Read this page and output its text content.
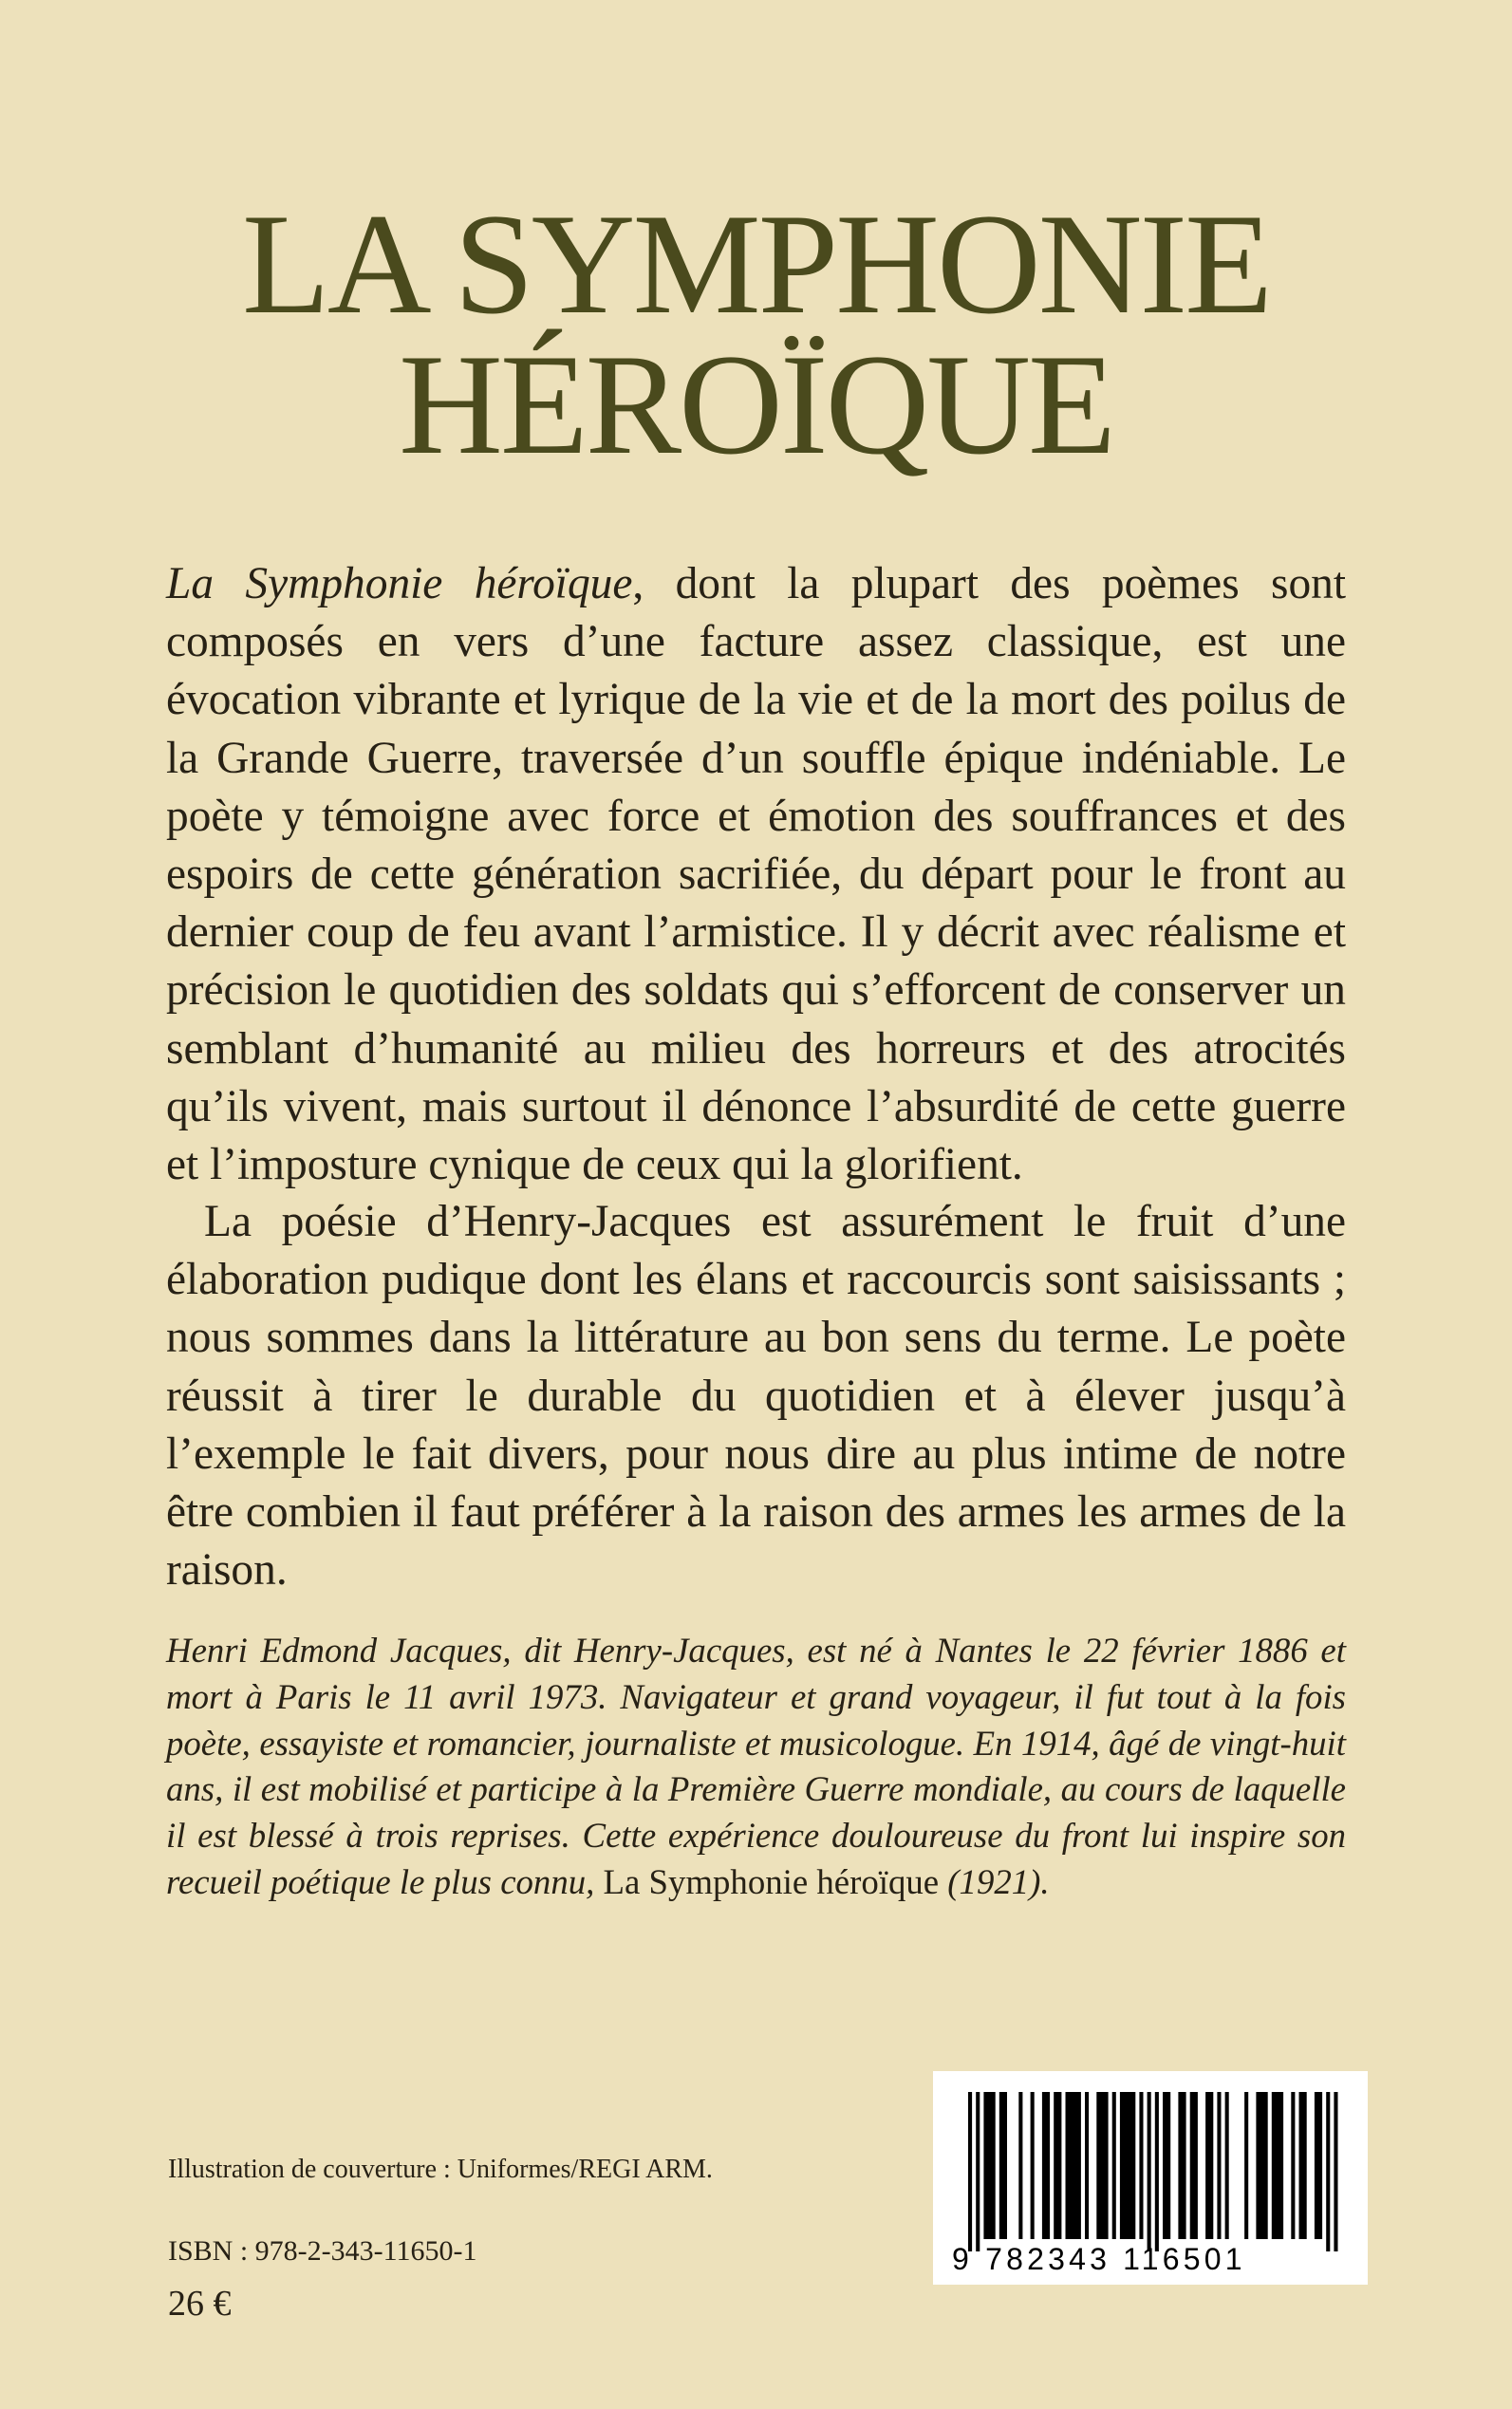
LA SYMPHONIE
HÉROÏQUE

La Symphonie héroïque, dont la plupart des poèmes sont composés en vers d’une facture assez classique, est une évocation vibrante et lyrique de la vie et de la mort des poilus de la Grande Guerre, traversée d’un souffle épique indéniable. Le poète y témoigne avec force et émotion des souffrances et des espoirs de cette génération sacrifiée, du départ pour le front au dernier coup de feu avant l’armistice. Il y décrit avec réalisme et précision le quotidien des soldats qui s’efforcent de conserver un semblant d’humanité au milieu des horreurs et des atrocités qu’ils vivent, mais surtout il dénonce l’absurdité de cette guerre et l’imposture cynique de ceux qui la glorifient.

La poésie d’Henry-Jacques est assurément le fruit d’une élaboration pudique dont les élans et raccourcis sont saisissants ; nous sommes dans la littérature au bon sens du terme. Le poète réussit à tirer le durable du quotidien et à élever jusqu’à l’exemple le fait divers, pour nous dire au plus intime de notre être combien il faut préférer à la raison des armes les armes de la raison.

Henri Edmond Jacques, dit Henry-Jacques, est né à Nantes le 22 février 1886 et mort à Paris le 11 avril 1973. Navigateur et grand voyageur, il fut tout à la fois poète, essayiste et romancier, journaliste et musicologue. En 1914, âgé de vingt-huit ans, il est mobilisé et participe à la Première Guerre mondiale, au cours de laquelle il est blessé à trois reprises. Cette expérience douloureuse du front lui inspire son recueil poétique le plus connu, La Symphonie héroïque (1921).

Illustration de couverture : Uniformes/REGI ARM.

ISBN : 978-2-343-11650-1

26 €

9 782343 116501
